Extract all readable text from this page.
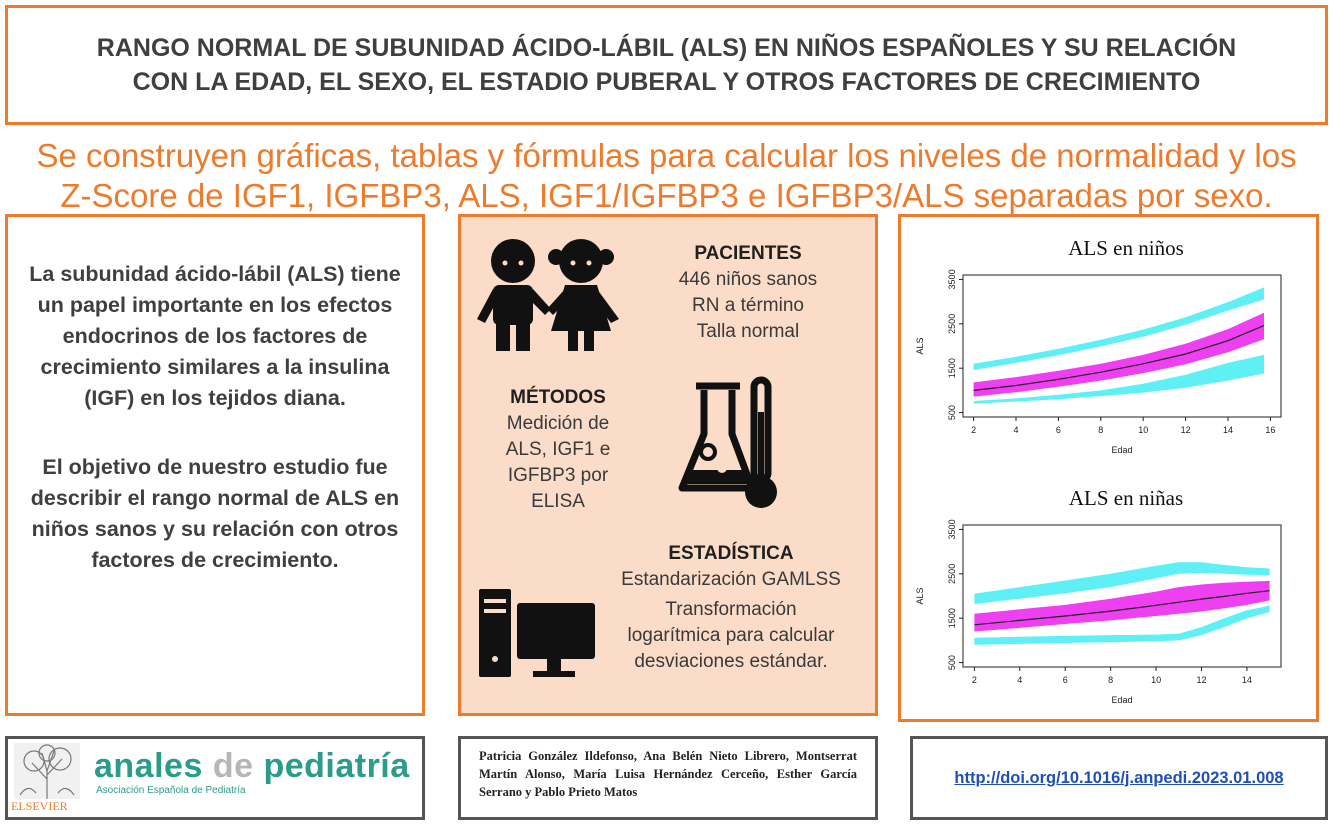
RANGO NORMAL DE SUBUNIDAD ÁCIDO-LÁBIL (ALS) EN NIÑOS ESPAÑOLES Y SU RELACIÓN
CON LA EDAD, EL SEXO, EL ESTADIO PUBERAL Y OTROS FACTORES DE CRECIMIENTO
Se construyen gráficas, tablas y fórmulas para calcular los niveles de normalidad y los
Z-Score de IGF1, IGFBP3, ALS, IGF1/IGFBP3 e IGFBP3/ALS separadas por sexo.

La subunidad ácido-lábil (ALS) tiene un papel importante en los efectos endocrinos de los factores de crecimiento similares a la insulina (IGF) en los tejidos diana.

El objetivo de nuestro estudio fue describir el rango normal de ALS en niños sanos y su relación con otros factores de crecimiento.

PACIENTES
446 niños sanos
RN a término
Talla normal
MÉTODOS
Medición de
ALS, IGF1 e
IGFBP3 por
ELISA
ESTADÍSTICA
Estandarización GAMLSS
Transformación
logarítmica para calcular
desviaciones estándar.
ALS en niños
2	4	6	8	10	12	14	16
500
1500
2500
3500
Edad
ALS
ALS en niñas
2	4	6	8	10	12	14
500
1500
2500
3500
Edad
ALS
ELSEVIER
anales de pediatría
Asociación Española de Pediatría
Patricia González Ildefonso, Ana Belén Nieto Librero, Montserrat Martín Alonso, María Luisa Hernández Cerceño, Esther García Serrano y Pablo Prieto Matos
http://doi.org/10.1016/j.anpedi.2023.01.008
